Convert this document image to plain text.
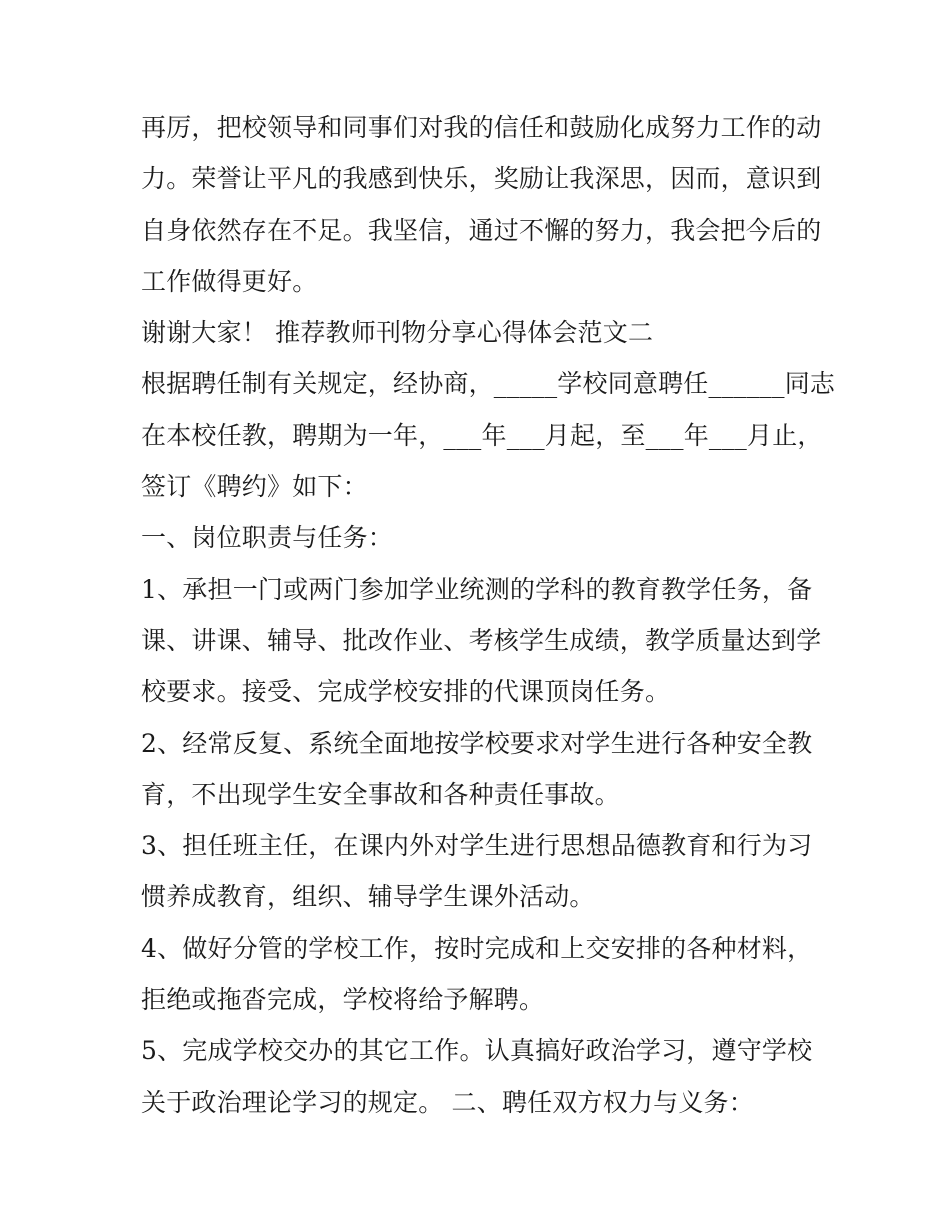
再厉，把校领导和同事们对我的信任和鼓励化成努力工作的动
力。荣誉让平凡的我感到快乐，奖励让我深思，因而，意识到
自身依然存在不足。我坚信，通过不懈的努力，我会把今后的
工作做得更好。
谢谢大家！ 推荐教师刊物分享心得体会范文二
根据聘任制有关规定，经协商，_____学校同意聘任______同志
在本校任教，聘期为一年，___年___月起，至___年___月止，
签订《聘约》如下：
一、岗位职责与任务：
1、承担一门或两门参加学业统测的学科的教育教学任务，备
课、讲课、辅导、批改作业、考核学生成绩，教学质量达到学
校要求。接受、完成学校安排的代课顶岗任务。
2、经常反复、系统全面地按学校要求对学生进行各种安全教
育，不出现学生安全事故和各种责任事故。
3、担任班主任，在课内外对学生进行思想品德教育和行为习
惯养成教育，组织、辅导学生课外活动。
4、做好分管的学校工作，按时完成和上交安排的各种材料，
拒绝或拖沓完成，学校将给予解聘。
5、完成学校交办的其它工作。认真搞好政治学习，遵守学校
关于政治理论学习的规定。 二、聘任双方权力与义务：
